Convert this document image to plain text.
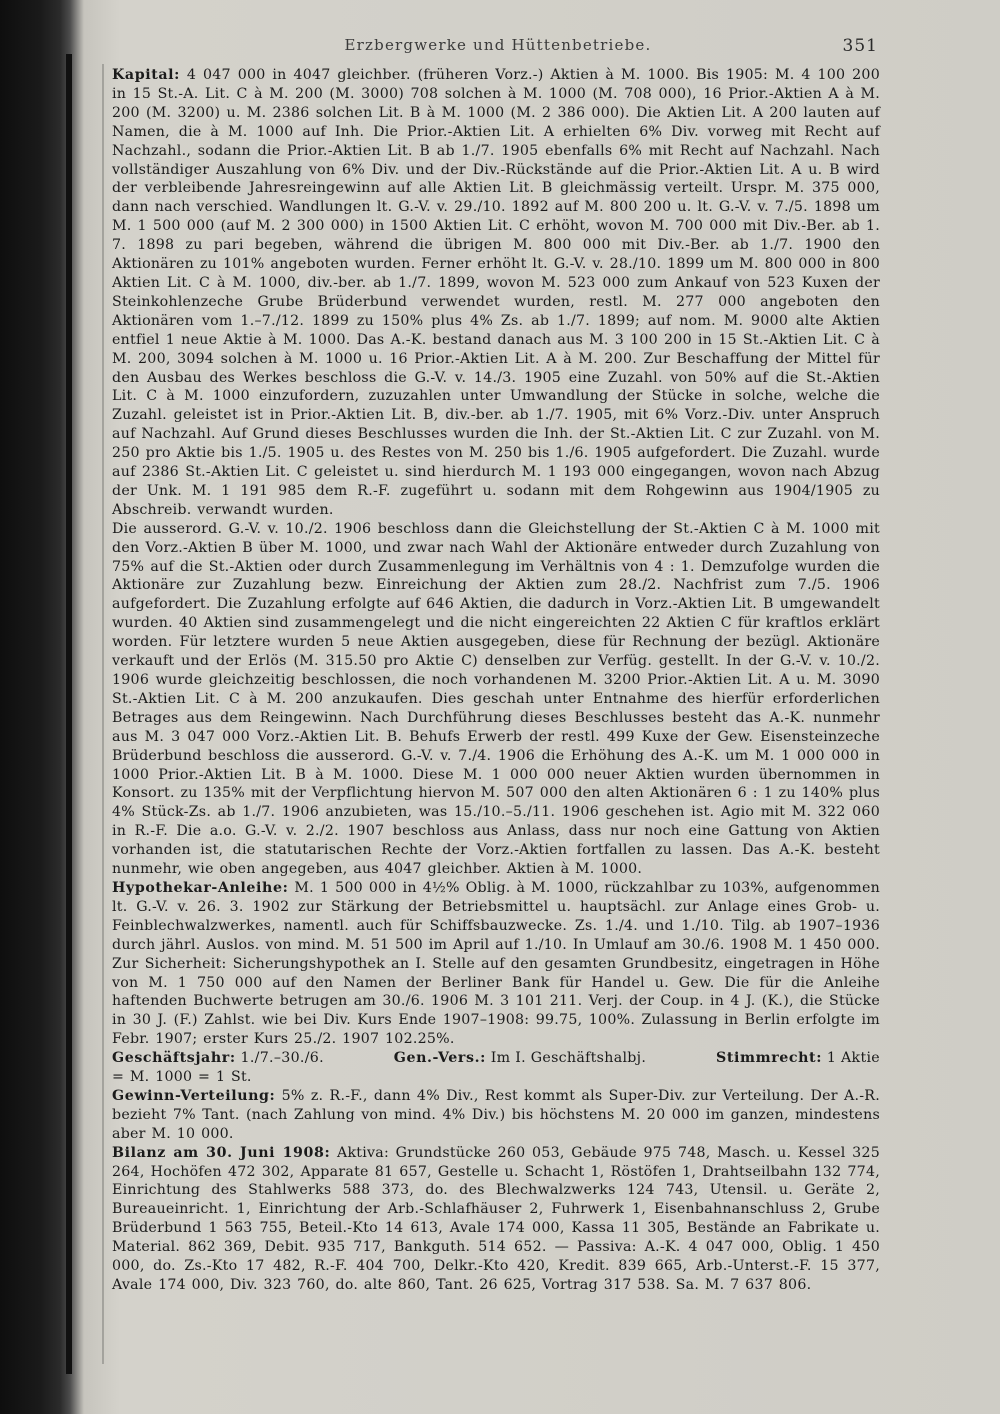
Erzbergwerke und Hüttenbetriebe.	351

Kapital: 4 047 000 in 4047 gleichber. (früheren Vorz.-) Aktien à M. 1000. Bis 1905: M. 4 100 200 in 15 St.-A. Lit. C à M. 200 (M. 3000) 708 solchen à M. 1000 (M. 708 000), 16 Prior.-Aktien A à M. 200 (M. 3200) u. M. 2386 solchen Lit. B à M. 1000 (M. 2 386 000). Die Aktien Lit. A 200 lauten auf Namen, die à M. 1000 auf Inh. Die Prior.-Aktien Lit. A erhielten 6% Div. vorweg mit Recht auf Nachzahl., sodann die Prior.-Aktien Lit. B ab 1./7. 1905 ebenfalls 6% mit Recht auf Nachzahl. Nach vollständiger Auszahlung von 6% Div. und der Div.-Rückstände auf die Prior.-Aktien Lit. A u. B wird der verbleibende Jahresreingewinn auf alle Aktien Lit. B gleichmässig verteilt. Urspr. M. 375 000, dann nach verschied. Wandlungen lt. G.-V. v. 29./10. 1892 auf M. 800 200 u. lt. G.-V. v. 7./5. 1898 um M. 1 500 000 (auf M. 2 300 000) in 1500 Aktien Lit. C erhöht, wovon M. 700 000 mit Div.-Ber. ab 1. 7. 1898 zu pari begeben, während die übrigen M. 800 000 mit Div.-Ber. ab 1./7. 1900 den Aktionären zu 101% angeboten wurden. Ferner erhöht lt. G.-V. v. 28./10. 1899 um M. 800 000 in 800 Aktien Lit. C à M. 1000, div.-ber. ab 1./7. 1899, wovon M. 523 000 zum Ankauf von 523 Kuxen der Steinkohlenzeche Grube Brüderbund verwendet wurden, restl. M. 277 000 angeboten den Aktionären vom 1.–7./12. 1899 zu 150% plus 4% Zs. ab 1./7. 1899; auf nom. M. 9000 alte Aktien entfiel 1 neue Aktie à M. 1000. Das A.-K. bestand danach aus M. 3 100 200 in 15 St.-Aktien Lit. C à M. 200, 3094 solchen à M. 1000 u. 16 Prior.-Aktien Lit. A à M. 200. Zur Beschaffung der Mittel für den Ausbau des Werkes beschloss die G.-V. v. 14./3. 1905 eine Zuzahl. von 50% auf die St.-Aktien Lit. C à M. 1000 einzufordern, zuzuzahlen unter Umwandlung der Stücke in solche, welche die Zuzahl. geleistet ist in Prior.-Aktien Lit. B, div.-ber. ab 1./7. 1905, mit 6% Vorz.-Div. unter Anspruch auf Nachzahl. Auf Grund dieses Beschlusses wurden die Inh. der St.-Aktien Lit. C zur Zuzahl. von M. 250 pro Aktie bis 1./5. 1905 u. des Restes von M. 250 bis 1./6. 1905 aufgefordert. Die Zuzahl. wurde auf 2386 St.-Aktien Lit. C geleistet u. sind hierdurch M. 1 193 000 eingegangen, wovon nach Abzug der Unk. M. 1 191 985 dem R.-F. zugeführt u. sodann mit dem Rohgewinn aus 1904/1905 zu Abschreib. verwandt wurden.

Die ausserord. G.-V. v. 10./2. 1906 beschloss dann die Gleichstellung der St.-Aktien C à M. 1000 mit den Vorz.-Aktien B über M. 1000, und zwar nach Wahl der Aktionäre entweder durch Zuzahlung von 75% auf die St.-Aktien oder durch Zusammenlegung im Verhältnis von 4 : 1. Demzufolge wurden die Aktionäre zur Zuzahlung bezw. Einreichung der Aktien zum 28./2. Nachfrist zum 7./5. 1906 aufgefordert. Die Zuzahlung erfolgte auf 646 Aktien, die dadurch in Vorz.-Aktien Lit. B umgewandelt wurden. 40 Aktien sind zusammengelegt und die nicht eingereichten 22 Aktien C für kraftlos erklärt worden. Für letztere wurden 5 neue Aktien ausgegeben, diese für Rechnung der bezügl. Aktionäre verkauft und der Erlös (M. 315.50 pro Aktie C) denselben zur Verfüg. gestellt. In der G.-V. v. 10./2. 1906 wurde gleichzeitig beschlossen, die noch vorhandenen M. 3200 Prior.-Aktien Lit. A u. M. 3090 St.-Aktien Lit. C à M. 200 anzukaufen. Dies geschah unter Entnahme des hierfür erforderlichen Betrages aus dem Reingewinn. Nach Durchführung dieses Beschlusses besteht das A.-K. nunmehr aus M. 3 047 000 Vorz.-Aktien Lit. B. Behufs Erwerb der restl. 499 Kuxe der Gew. Eisensteinzeche Brüderbund beschloss die ausserord. G.-V. v. 7./4. 1906 die Erhöhung des A.-K. um M. 1 000 000 in 1000 Prior.-Aktien Lit. B à M. 1000. Diese M. 1 000 000 neuer Aktien wurden übernommen in Konsort. zu 135% mit der Verpflichtung hiervon M. 507 000 den alten Aktionären 6 : 1 zu 140% plus 4% Stück-Zs. ab 1./7. 1906 anzubieten, was 15./10.–5./11. 1906 geschehen ist. Agio mit M. 322 060 in R.-F. Die a.o. G.-V. v. 2./2. 1907 beschloss aus Anlass, dass nur noch eine Gattung von Aktien vorhanden ist, die statutarischen Rechte der Vorz.-Aktien fortfallen zu lassen. Das A.-K. besteht nunmehr, wie oben angegeben, aus 4047 gleichber. Aktien à M. 1000.

Hypothekar-Anleihe: M. 1 500 000 in 4½% Oblig. à M. 1000, rückzahlbar zu 103%, aufgenommen lt. G.-V. v. 26. 3. 1902 zur Stärkung der Betriebsmittel u. hauptsächl. zur Anlage eines Grob- u. Feinblechwalzwerkes, namentl. auch für Schiffsbauzwecke. Zs. 1./4. und 1./10. Tilg. ab 1907–1936 durch jährl. Auslos. von mind. M. 51 500 im April auf 1./10. In Umlauf am 30./6. 1908 M. 1 450 000. Zur Sicherheit: Sicherungshypothek an I. Stelle auf den gesamten Grundbesitz, eingetragen in Höhe von M. 1 750 000 auf den Namen der Berliner Bank für Handel u. Gew. Die für die Anleihe haftenden Buchwerte betrugen am 30./6. 1906 M. 3 101 211. Verj. der Coup. in 4 J. (K.), die Stücke in 30 J. (F.) Zahlst. wie bei Div. Kurs Ende 1907–1908: 99.75, 100%. Zulassung in Berlin erfolgte im Febr. 1907; erster Kurs 25./2. 1907 102.25%.

Geschäftsjahr: 1./7.–30./6.	Gen.-Vers.: Im I. Geschäftshalbj.	Stimmrecht: 1 Aktie

= M. 1000 = 1 St.

Gewinn-Verteilung: 5% z. R.-F., dann 4% Div., Rest kommt als Super-Div. zur Verteilung. Der A.-R. bezieht 7% Tant. (nach Zahlung von mind. 4% Div.) bis höchstens M. 20 000 im ganzen, mindestens aber M. 10 000.

Bilanz am 30. Juni 1908: Aktiva: Grundstücke 260 053, Gebäude 975 748, Masch. u. Kessel 325 264, Hochöfen 472 302, Apparate 81 657, Gestelle u. Schacht 1, Röstöfen 1, Drahtseilbahn 132 774, Einrichtung des Stahlwerks 588 373, do. des Blechwalzwerks 124 743, Utensil. u. Geräte 2, Bureaueinricht. 1, Einrichtung der Arb.-Schlafhäuser 2, Fuhrwerk 1, Eisenbahnanschluss 2, Grube Brüderbund 1 563 755, Beteil.-Kto 14 613, Avale 174 000, Kassa 11 305, Bestände an Fabrikate u. Material. 862 369, Debit. 935 717, Bankguth. 514 652. — Passiva: A.-K. 4 047 000, Oblig. 1 450 000, do. Zs.-Kto 17 482, R.-F. 404 700, Delkr.-Kto 420, Kredit. 839 665, Arb.-Unterst.-F. 15 377, Avale 174 000, Div. 323 760, do. alte 860, Tant. 26 625, Vortrag 317 538. Sa. M. 7 637 806.
